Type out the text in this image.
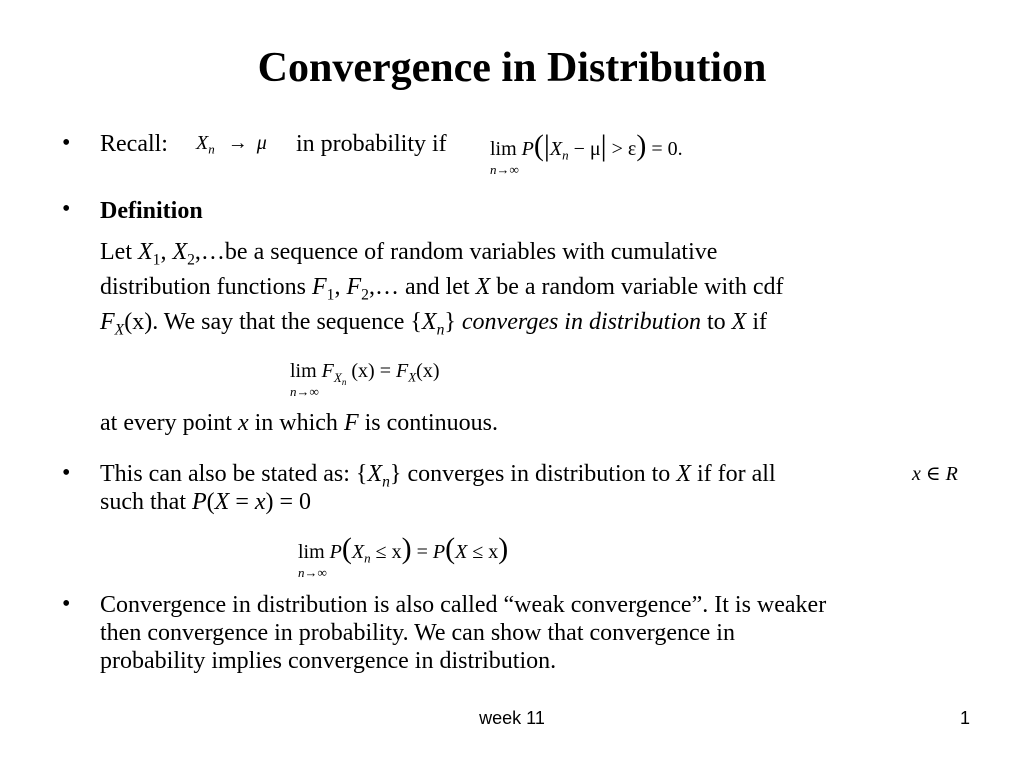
Convergence in Distribution
• Recall: $X_n \to \mu$ in probability if lim
n→∞
$P(|X_n - \mu| > \varepsilon) = 0$.
• Definition
Let $X_1$, $X_2,\dots be$ a sequence of random variables with cumulative
distribution functions $F_1$, $F_2,\dots$ and let X be a random variable with cdf
$F_X(x)$. We say that the sequence $\{X_n\}$ converges in distribution to X if
lim
n→∞
$F_{X_n}$ $(x) = F_X(x)$
at every point x in which F is continuous.
• This can also be stated as: $\{X_n\}$ converges in distribution to X if for all	x ∈ R
such that P(X = x) = 0
lim
n→∞
$P(X_n \le x) = P(X \le x)$
• Convergence in distribution is also called “weak convergence”. It is weaker
then convergence in probability. We can show that convergence in
probability implies convergence in distribution.
week 11	1
